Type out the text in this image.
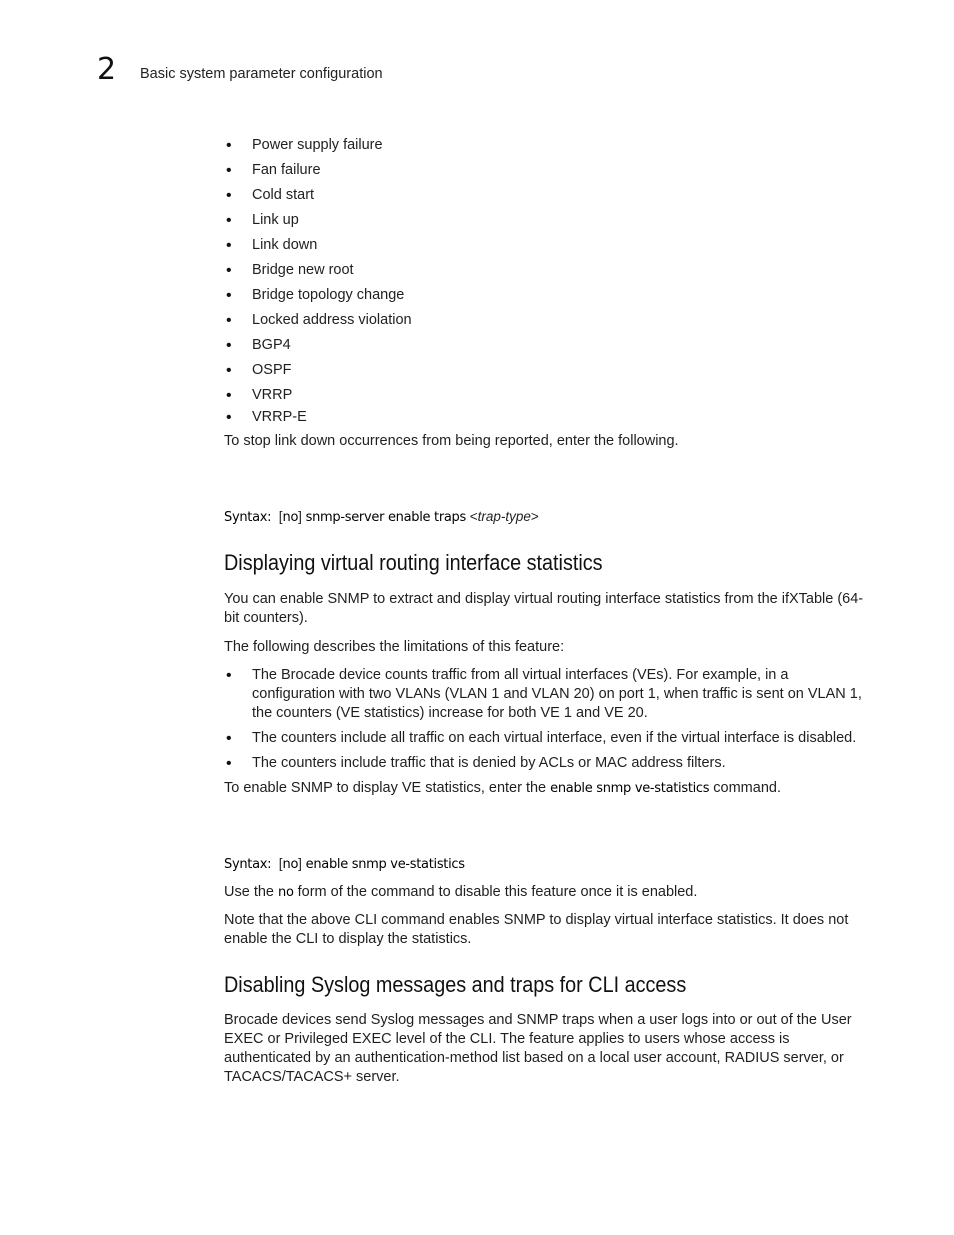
2 Basic system parameter configuration
• Power supply failure
• Fan failure
• Cold start
• Link up
• Link down
• Bridge new root
• Bridge topology change
• Locked address violation
• BGP4
• OSPF
• VRRP
• VRRP-E

To stop link down occurrences from being reported, enter the following.

Syntax: [no] snmp-server enable traps <trap-type>

Displaying virtual routing interface statistics

You can enable SNMP to extract and display virtual routing interface statistics from the ifXTable (64-bit counters).

The following describes the limitations of this feature:

• The Brocade device counts traffic from all virtual interfaces (VEs). For example, in a configuration with two VLANs (VLAN 1 and VLAN 20) on port 1, when traffic is sent on VLAN 1, the counters (VE statistics) increase for both VE 1 and VE 20.
• The counters include all traffic on each virtual interface, even if the virtual interface is disabled.
• The counters include traffic that is denied by ACLs or MAC address filters.

To enable SNMP to display VE statistics, enter the enable snmp ve-statistics command.

Syntax: [no] enable snmp ve-statistics

Use the no form of the command to disable this feature once it is enabled.

Note that the above CLI command enables SNMP to display virtual interface statistics. It does not enable the CLI to display the statistics.

Disabling Syslog messages and traps for CLI access

Brocade devices send Syslog messages and SNMP traps when a user logs into or out of the User EXEC or Privileged EXEC level of the CLI. The feature applies to users whose access is authenticated by an authentication-method list based on a local user account, RADIUS server, or TACACS/TACACS+ server.
